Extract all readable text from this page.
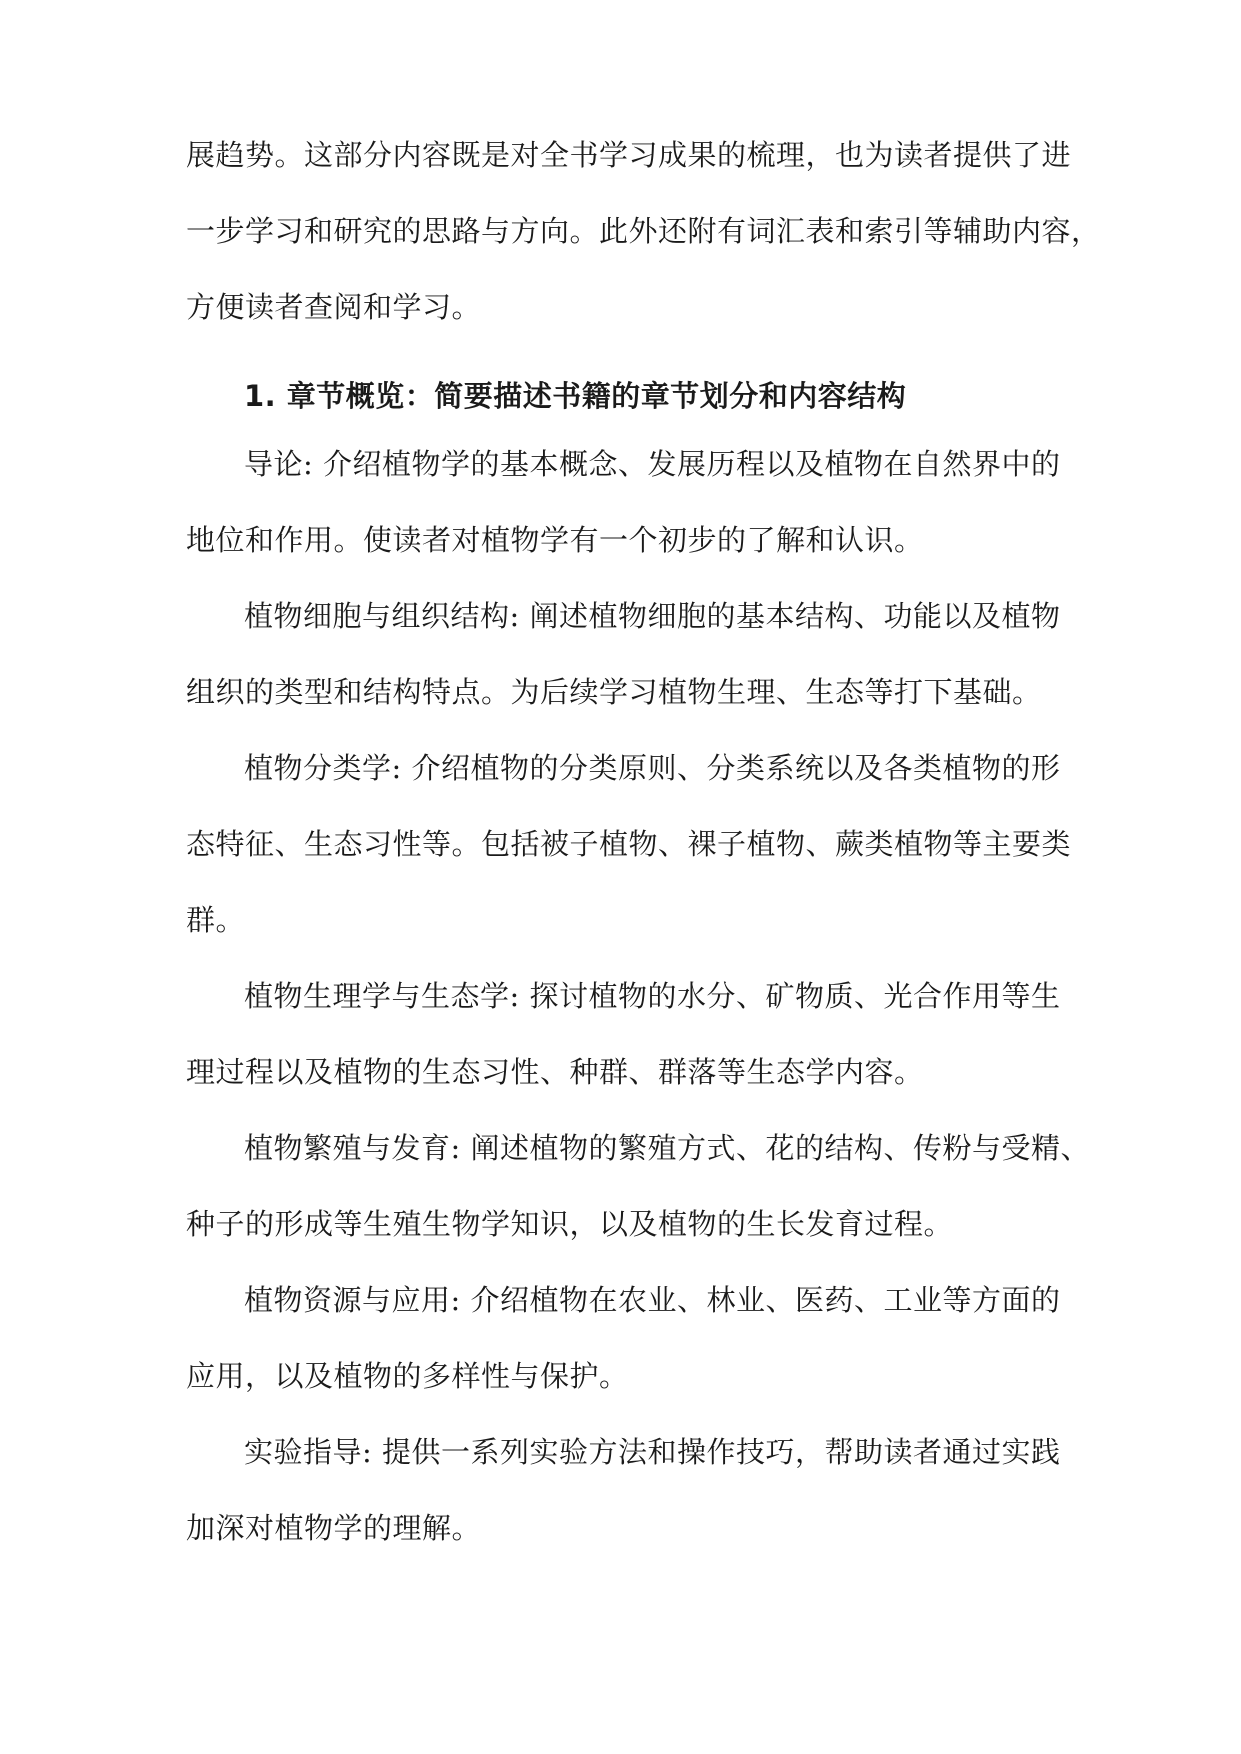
展趋势。这部分内容既是对全书学习成果的梳理，也为读者提供了进
一步学习和研究的思路与方向。此外还附有词汇表和索引等辅助内容，
方便读者查阅和学习。
1. 章节概览：简要描述书籍的章节划分和内容结构
导论: 介绍植物学的基本概念、发展历程以及植物在自然界中的
地位和作用。使读者对植物学有一个初步的了解和认识。
植物细胞与组织结构: 阐述植物细胞的基本结构、功能以及植物
组织的类型和结构特点。为后续学习植物生理、生态等打下基础。
植物分类学: 介绍植物的分类原则、分类系统以及各类植物的形
态特征、生态习性等。包括被子植物、裸子植物、蕨类植物等主要类
群。
植物生理学与生态学: 探讨植物的水分、矿物质、光合作用等生
理过程以及植物的生态习性、种群、群落等生态学内容。
植物繁殖与发育: 阐述植物的繁殖方式、花的结构、传粉与受精、
种子的形成等生殖生物学知识，以及植物的生长发育过程。
植物资源与应用: 介绍植物在农业、林业、医药、工业等方面的
应用，以及植物的多样性与保护。
实验指导: 提供一系列实验方法和操作技巧，帮助读者通过实践
加深对植物学的理解。
